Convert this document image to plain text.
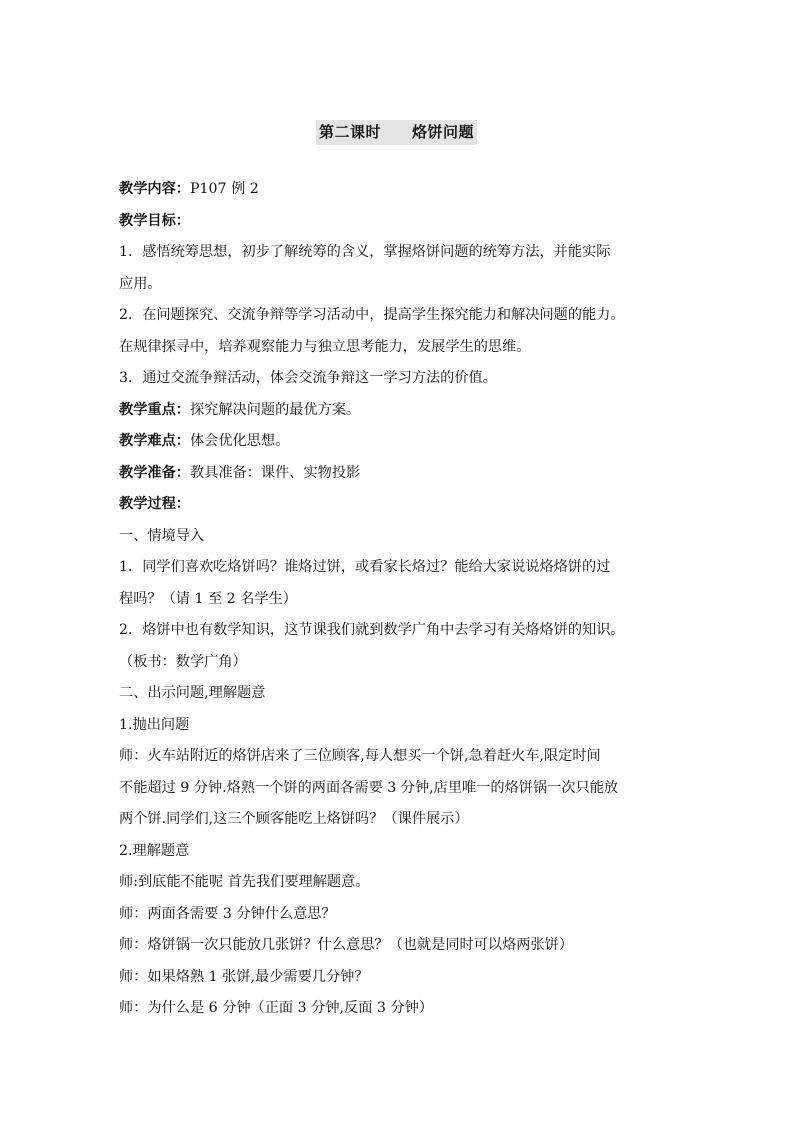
第二课时　　烙饼问题
教学内容：P107 例 2
教学目标：
1．感悟统筹思想，初步了解统筹的含义，掌握烙饼问题的统筹方法，并能实际
应用。
2．在问题探究、交流争辩等学习活动中，提高学生探究能力和解决问题的能力。
在规律探寻中，培养观察能力与独立思考能力，发展学生的思维。
3．通过交流争辩活动，体会交流争辩这一学习方法的价值。
教学重点：探究解决问题的最优方案。
教学难点：体会优化思想。
教学准备：教具准备：课件、实物投影
教学过程：
一、情境导入
1．同学们喜欢吃烙饼吗？谁烙过饼，或看家长烙过？能给大家说说烙烙饼的过
程吗？（请 1 至 2 名学生）
2．烙饼中也有数学知识，这节课我们就到数学广角中去学习有关烙烙饼的知识。
（板书：数学广角）
二、出示问题,理解题意
1.抛出问题
师：火车站附近的烙饼店来了三位顾客,每人想买一个饼,急着赶火车,限定时间
不能超过 9 分钟.烙熟一个饼的两面各需要 3 分钟,店里唯一的烙饼锅一次只能放
两个饼.同学们,这三个顾客能吃上烙饼吗？（课件展示）
2.理解题意
师:到底能不能呢 首先我们要理解题意。
师：两面各需要 3 分钟什么意思？
师：烙饼锅一次只能放几张饼？什么意思？（也就是同时可以烙两张饼）
师：如果烙熟 1 张饼,最少需要几分钟？
师：为什么是 6 分钟（正面 3 分钟,反面 3 分钟）
